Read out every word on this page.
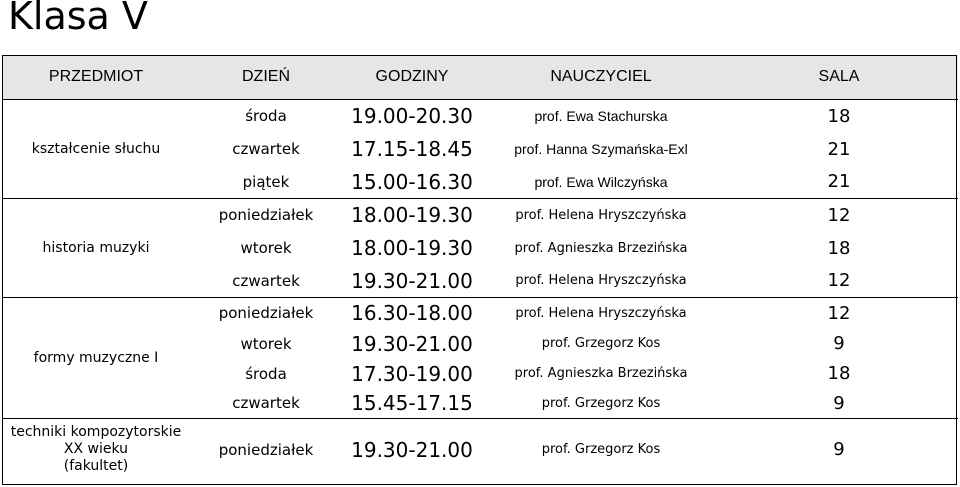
Klasa V
PRZEDMIOT	DZIEŃ	GODZINY	NAUCZYCIEL	SALA
kształcenie słuchu	środa	19.00-20.30	prof. Ewa Stachurska	18
	czwartek	17.15-18.45	prof. Hanna Szymańska-Exl	21
	piątek	15.00-16.30	prof. Ewa Wilczyńska	21
historia muzyki	poniedziałek	18.00-19.30	prof. Helena Hryszczyńska	12
	wtorek	18.00-19.30	prof. Agnieszka Brzezińska	18
	czwartek	19.30-21.00	prof. Helena Hryszczyńska	12
formy muzyczne I	poniedziałek	16.30-18.00	prof. Helena Hryszczyńska	12
	wtorek	19.30-21.00	prof. Grzegorz Kos	9
	środa	17.30-19.00	prof. Agnieszka Brzezińska	18
	czwartek	15.45-17.15	prof. Grzegorz Kos	9

techniki kompozytorskie
XX wieku
(fakultet)	poniedziałek	19.30-21.00	prof. Grzegorz Kos	9
